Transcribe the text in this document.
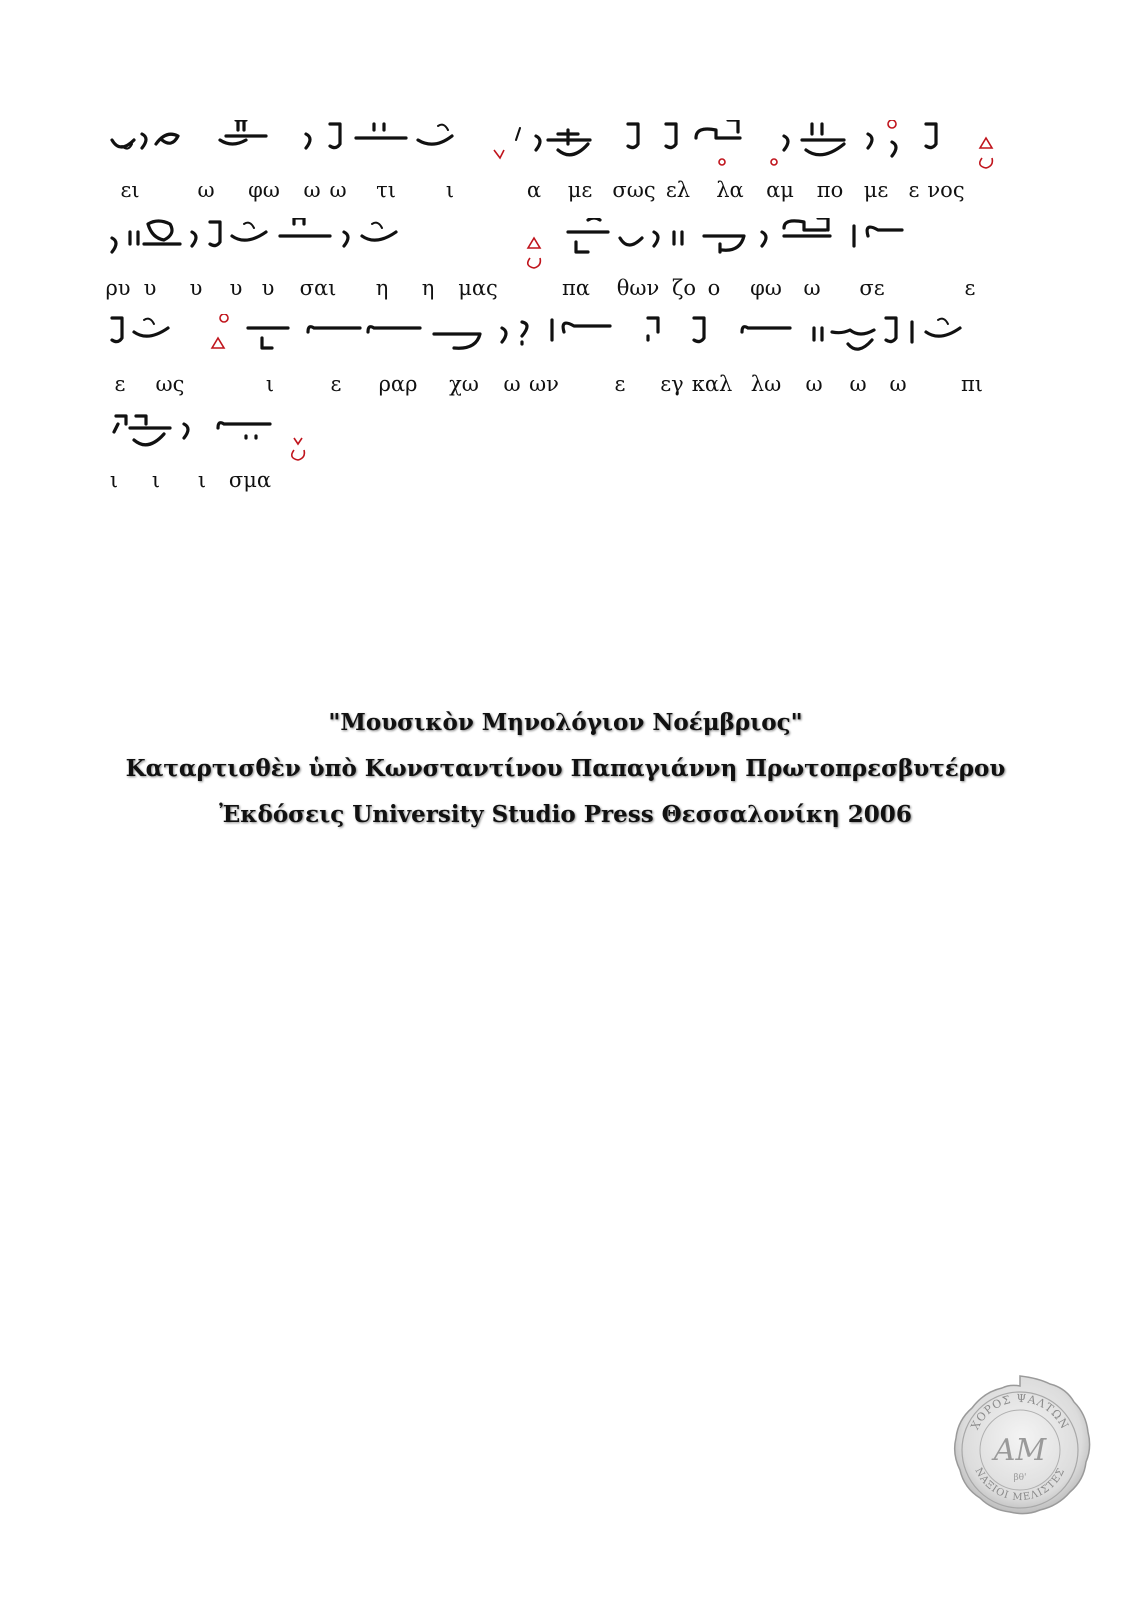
ει	ω φω ω ω τι ι	α με σως ελ λα αμ πο με ε νος
ρυ υ υ υ υ σαι η η μας	πα θων ζο ο φω ω σε	ε
ε ως	ι	ε ραρ χω ω ων	ε εγ καλ λω ω ω ω	πι
ι ι ι σμα
"Μουσικὸν Μηνολόγιον Νοέμβριος"
Καταρτισθὲν ὑπὸ Κωνσταντίνου Παπαγιάννη Πρωτοπρεσβυτέρου
Ἐκδόσεις University Studio Press Θεσσαλονίκη 2006
ΧΟΡΟΣ ΨΑΛΤΩΝ
ΝΑΞΙΟΙ ΜΕΛΙΣΤΕΣ
ΑΜ
βθ'
